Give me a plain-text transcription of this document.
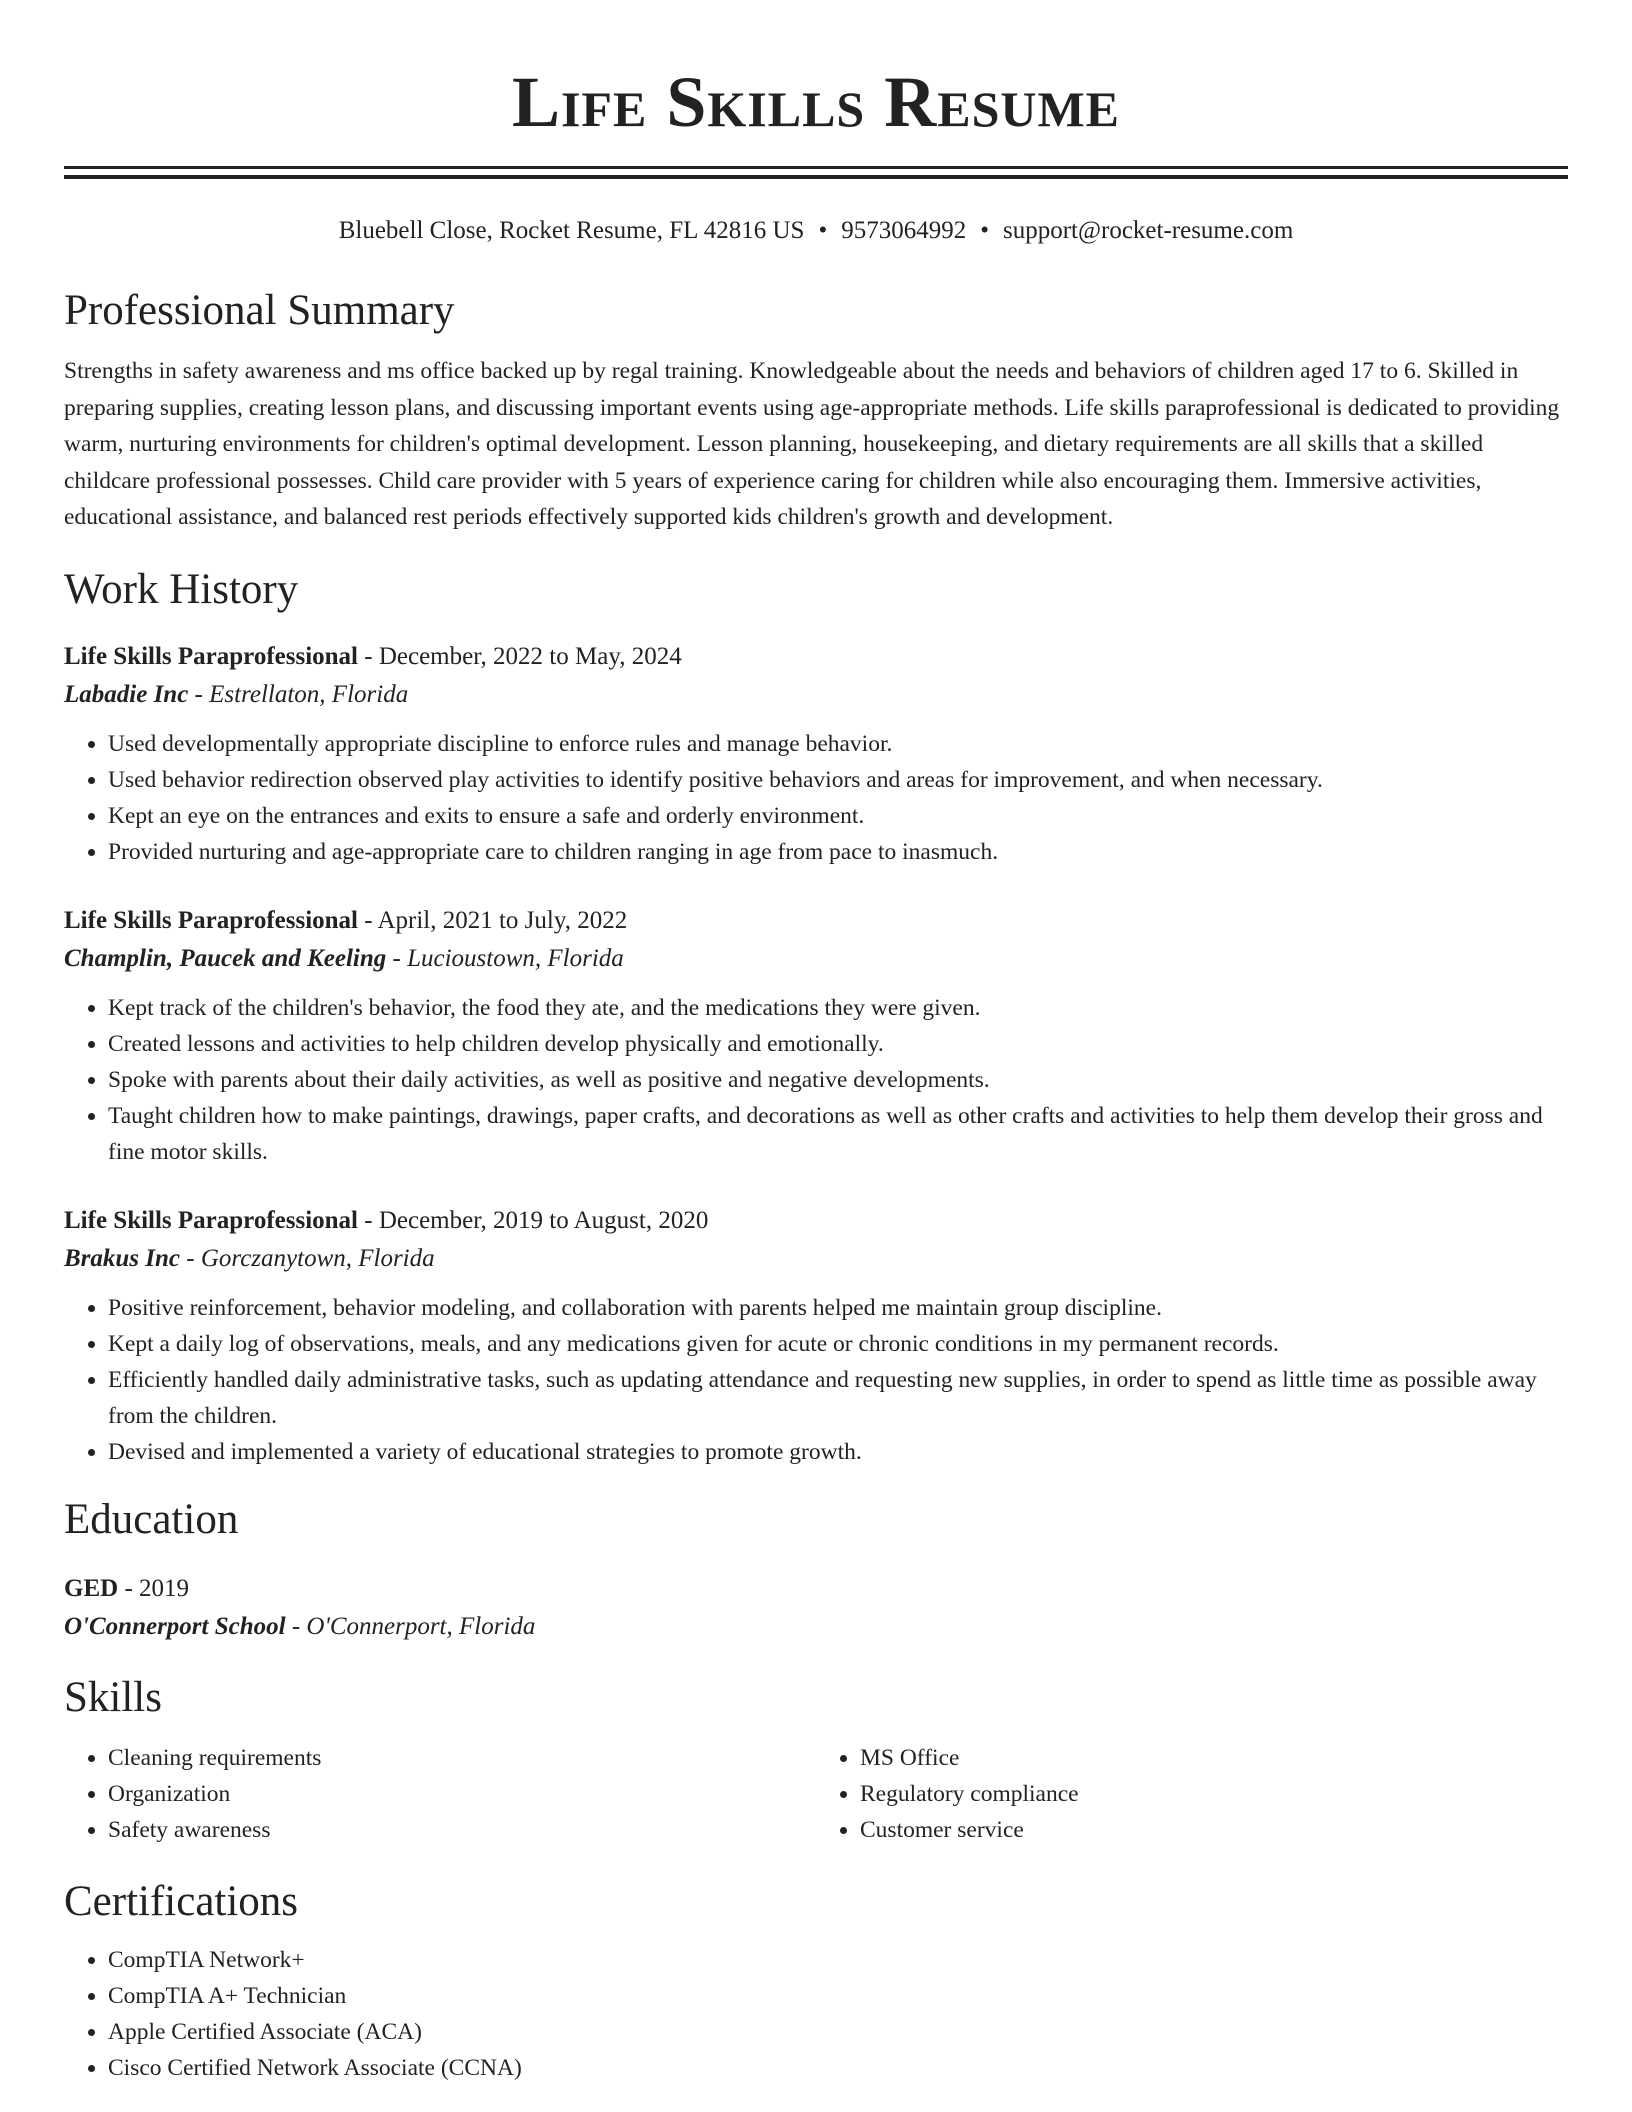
Life Skills Resume
Bluebell Close, Rocket Resume, FL 42816 US • 9573064992 • support@rocket-resume.com
Professional Summary
Strengths in safety awareness and ms office backed up by regal training. Knowledgeable about the needs and behaviors of children aged 17 to 6. Skilled in preparing supplies, creating lesson plans, and discussing important events using age-appropriate methods. Life skills paraprofessional is dedicated to providing warm, nurturing environments for children's optimal development. Lesson planning, housekeeping, and dietary requirements are all skills that a skilled childcare professional possesses. Child care provider with 5 years of experience caring for children while also encouraging them. Immersive activities, educational assistance, and balanced rest periods effectively supported kids children's growth and development.
Work History
Life Skills Paraprofessional - December, 2022 to May, 2024
Labadie Inc - Estrellaton, Florida
• Used developmentally appropriate discipline to enforce rules and manage behavior.
• Used behavior redirection observed play activities to identify positive behaviors and areas for improvement, and when necessary.
• Kept an eye on the entrances and exits to ensure a safe and orderly environment.
• Provided nurturing and age-appropriate care to children ranging in age from pace to inasmuch.
Life Skills Paraprofessional - April, 2021 to July, 2022
Champlin, Paucek and Keeling - Lucioustown, Florida
• Kept track of the children's behavior, the food they ate, and the medications they were given.
• Created lessons and activities to help children develop physically and emotionally.
• Spoke with parents about their daily activities, as well as positive and negative developments.
• Taught children how to make paintings, drawings, paper crafts, and decorations as well as other crafts and activities to help them develop their gross and fine motor skills.
Life Skills Paraprofessional - December, 2019 to August, 2020
Brakus Inc - Gorczanytown, Florida
• Positive reinforcement, behavior modeling, and collaboration with parents helped me maintain group discipline.
• Kept a daily log of observations, meals, and any medications given for acute or chronic conditions in my permanent records.
• Efficiently handled daily administrative tasks, such as updating attendance and requesting new supplies, in order to spend as little time as possible away from the children.
• Devised and implemented a variety of educational strategies to promote growth.
Education
GED - 2019
O'Connerport School - O'Connerport, Florida
Skills
• Cleaning requirements
• Organization
• Safety awareness
• MS Office
• Regulatory compliance
• Customer service
Certifications
• CompTIA Network+
• CompTIA A+ Technician
• Apple Certified Associate (ACA)
• Cisco Certified Network Associate (CCNA)
